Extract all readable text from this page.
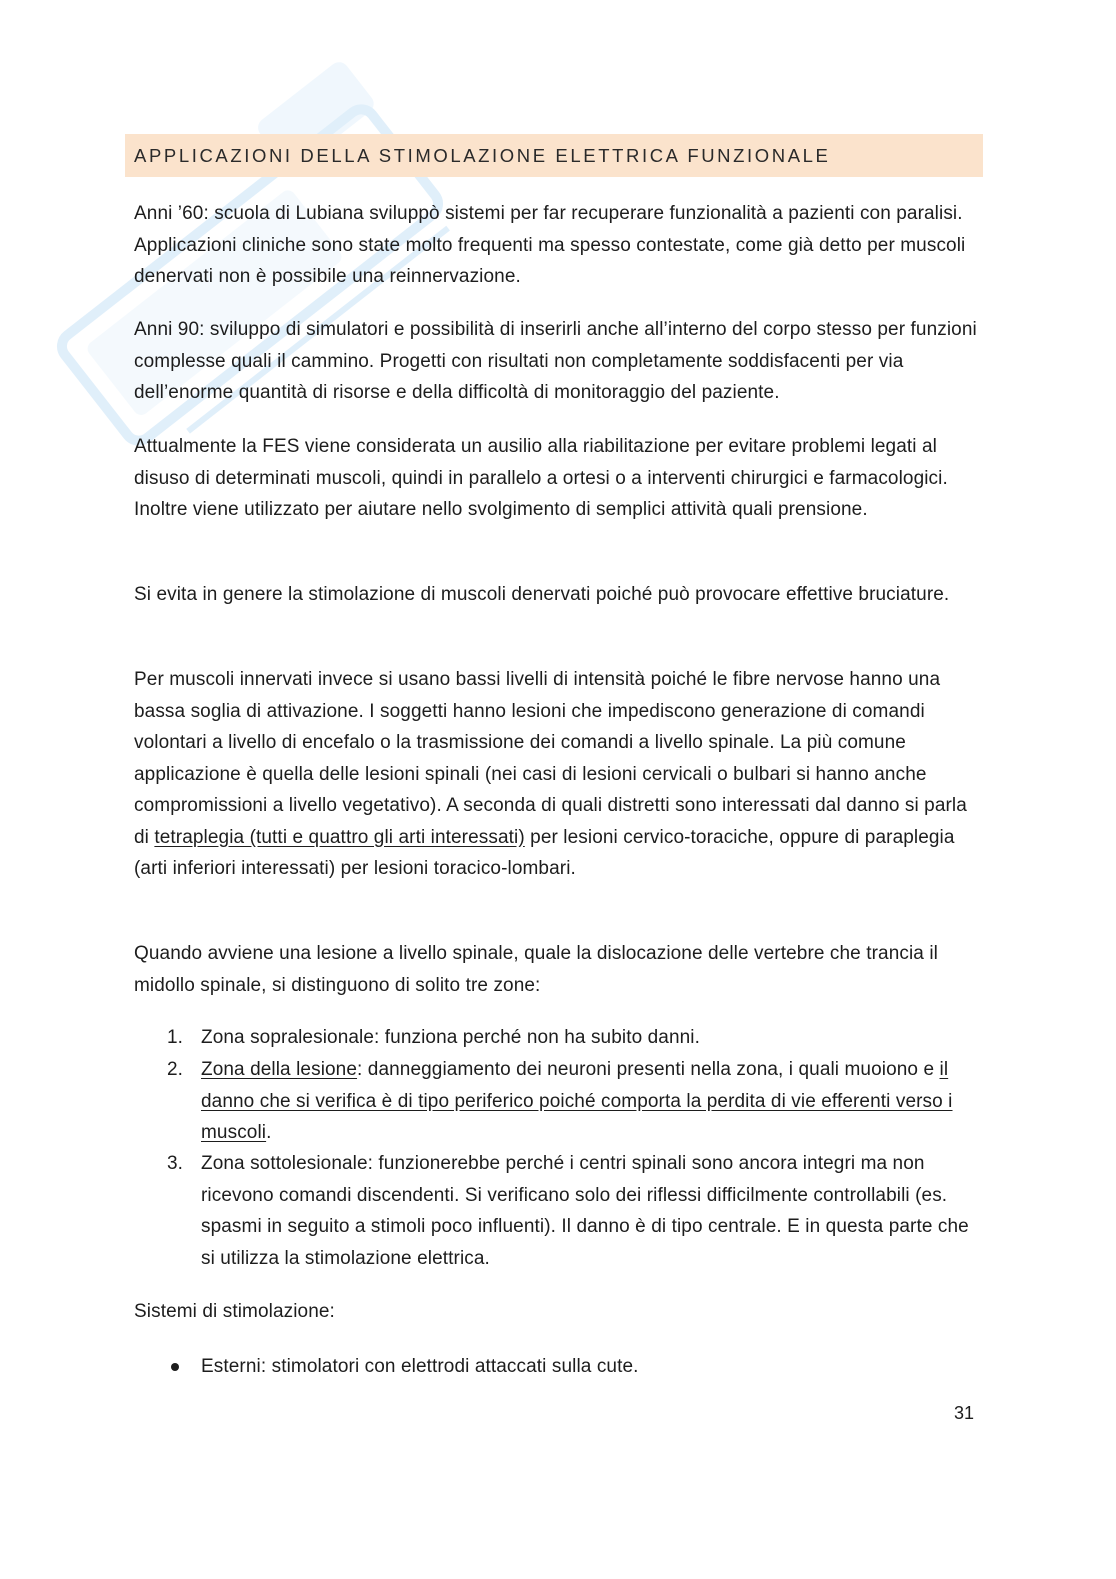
APPLICAZIONI DELLA STIMOLAZIONE ELETTRICA FUNZIONALE

Anni ’60: scuola di Lubiana sviluppò sistemi per far recuperare funzionalità a pazienti con paralisi. Applicazioni cliniche sono state molto frequenti ma spesso contestate, come già detto per muscoli denervati non è possibile una reinnervazione.

Anni 90: sviluppo di simulatori e possibilità di inserirli anche all’interno del corpo stesso per funzioni complesse quali il cammino. Progetti con risultati non completamente soddisfacenti per via dell’enorme quantità di risorse e della difficoltà di monitoraggio del paziente.

Attualmente la FES viene considerata un ausilio alla riabilitazione per evitare problemi legati al disuso di determinati muscoli, quindi in parallelo a ortesi o a interventi chirurgici e farmacologici. Inoltre viene utilizzato per aiutare nello svolgimento di semplici attività quali prensione.

Si evita in genere la stimolazione di muscoli denervati poiché può provocare effettive bruciature.

Per muscoli innervati invece si usano bassi livelli di intensità poiché le fibre nervose hanno una bassa soglia di attivazione. I soggetti hanno lesioni che impediscono generazione di comandi volontari a livello di encefalo o la trasmissione dei comandi a livello spinale. La più comune applicazione è quella delle lesioni spinali (nei casi di lesioni cervicali o bulbari si hanno anche compromissioni a livello vegetativo). A seconda di quali distretti sono interessati dal danno si parla di tetraplegia (tutti e quattro gli arti interessati) per lesioni cervico-toraciche, oppure di paraplegia (arti inferiori interessati) per lesioni toracico-lombari.

Quando avviene una lesione a livello spinale, quale la dislocazione delle vertebre che trancia il midollo spinale, si distinguono di solito tre zone:

1. Zona sopralesionale: funziona perché non ha subito danni.
2. Zona della lesione: danneggiamento dei neuroni presenti nella zona, i quali muoiono e il danno che si verifica è di tipo periferico poiché comporta la perdita di vie efferenti verso i muscoli.
3. Zona sottolesionale: funzionerebbe perché i centri spinali sono ancora integri ma non ricevono comandi discendenti. Si verificano solo dei riflessi difficilmente controllabili (es. spasmi in seguito a stimoli poco influenti). Il danno è di tipo centrale. E in questa parte che si utilizza la stimolazione elettrica.

Sistemi di stimolazione:

Esterni: stimolatori con elettrodi attaccati sulla cute.
31
